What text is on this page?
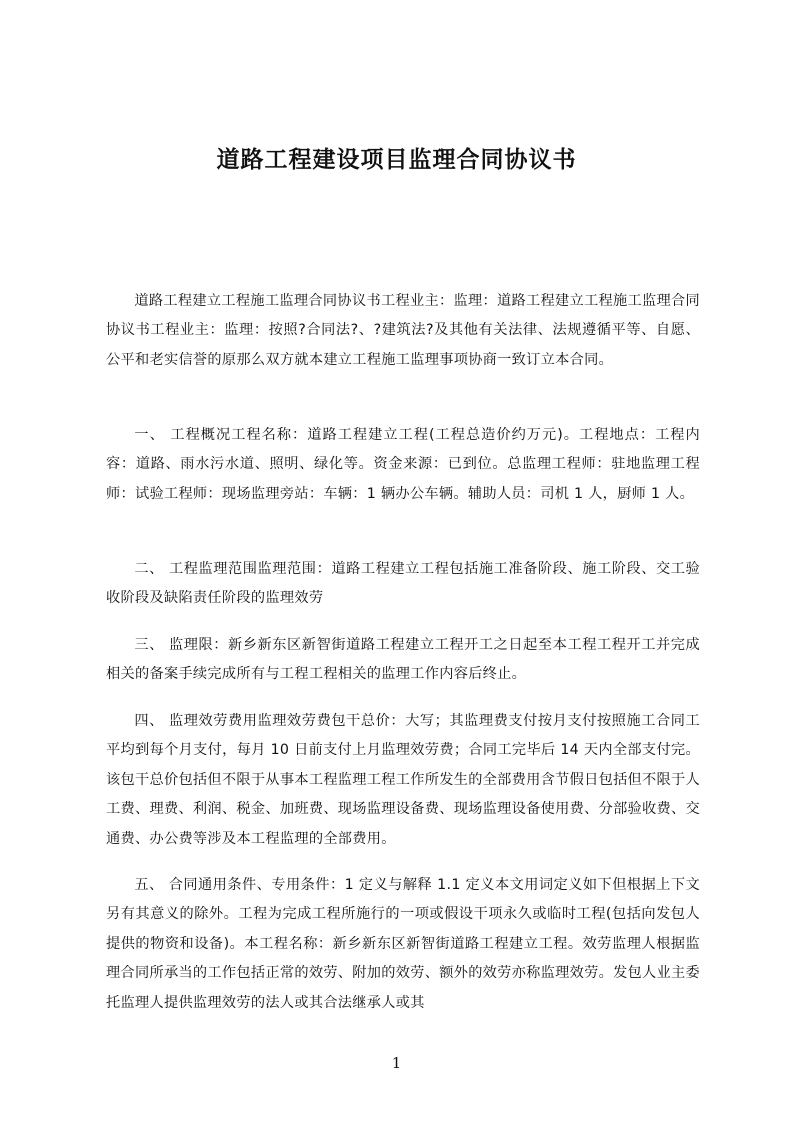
道路工程建设项目监理合同协议书

道路工程建立工程施工监理合同协议书工程业主：监理：道路工程建立工程施工监理合同协议书工程业主：监理：按照?合同法?、?建筑法?及其他有关法律、法规遵循平等、自愿、公平和老实信誉的原那么双方就本建立工程施工监理事项协商一致订立本合同。

一、 工程概况工程名称：道路工程建立工程(工程总造价约万元)。工程地点：工程内容：道路、雨水污水道、照明、绿化等。资金来源：已到位。总监理工程师：驻地监理工程师：试验工程师：现场监理旁站：车辆：1 辆办公车辆。辅助人员：司机 1 人，厨师 1 人。

二、 工程监理范围监理范围：道路工程建立工程包括施工准备阶段、施工阶段、交工验收阶段及缺陷责任阶段的监理效劳

三、 监理限：新乡新东区新智街道路工程建立工程开工之日起至本工程工程开工并完成相关的备案手续完成所有与工程工程相关的监理工作内容后终止。

四、 监理效劳费用监理效劳费包干总价：大写；其监理费支付按月支付按照施工合同工平均到每个月支付，每月 10 日前支付上月监理效劳费；合同工完毕后 14 天内全部支付完。该包干总价包括但不限于从事本工程监理工程工作所发生的全部费用含节假日包括但不限于人工费、理费、利润、税金、加班费、现场监理设备费、现场监理设备使用费、分部验收费、交通费、办公费等涉及本工程监理的全部费用。

五、 合同通用条件、专用条件：1 定义与解释 1.1 定义本文用词定义如下但根据上下文另有其意义的除外。工程为完成工程所施行的一项或假设干项永久或临时工程(包括向发包人提供的物资和设备)。本工程名称：新乡新东区新智街道路工程建立工程。效劳监理人根据监理合同所承当的工作包括正常的效劳、附加的效劳、额外的效劳亦称监理效劳。发包人业主委托监理人提供监理效劳的法人或其合法继承人或其

1
